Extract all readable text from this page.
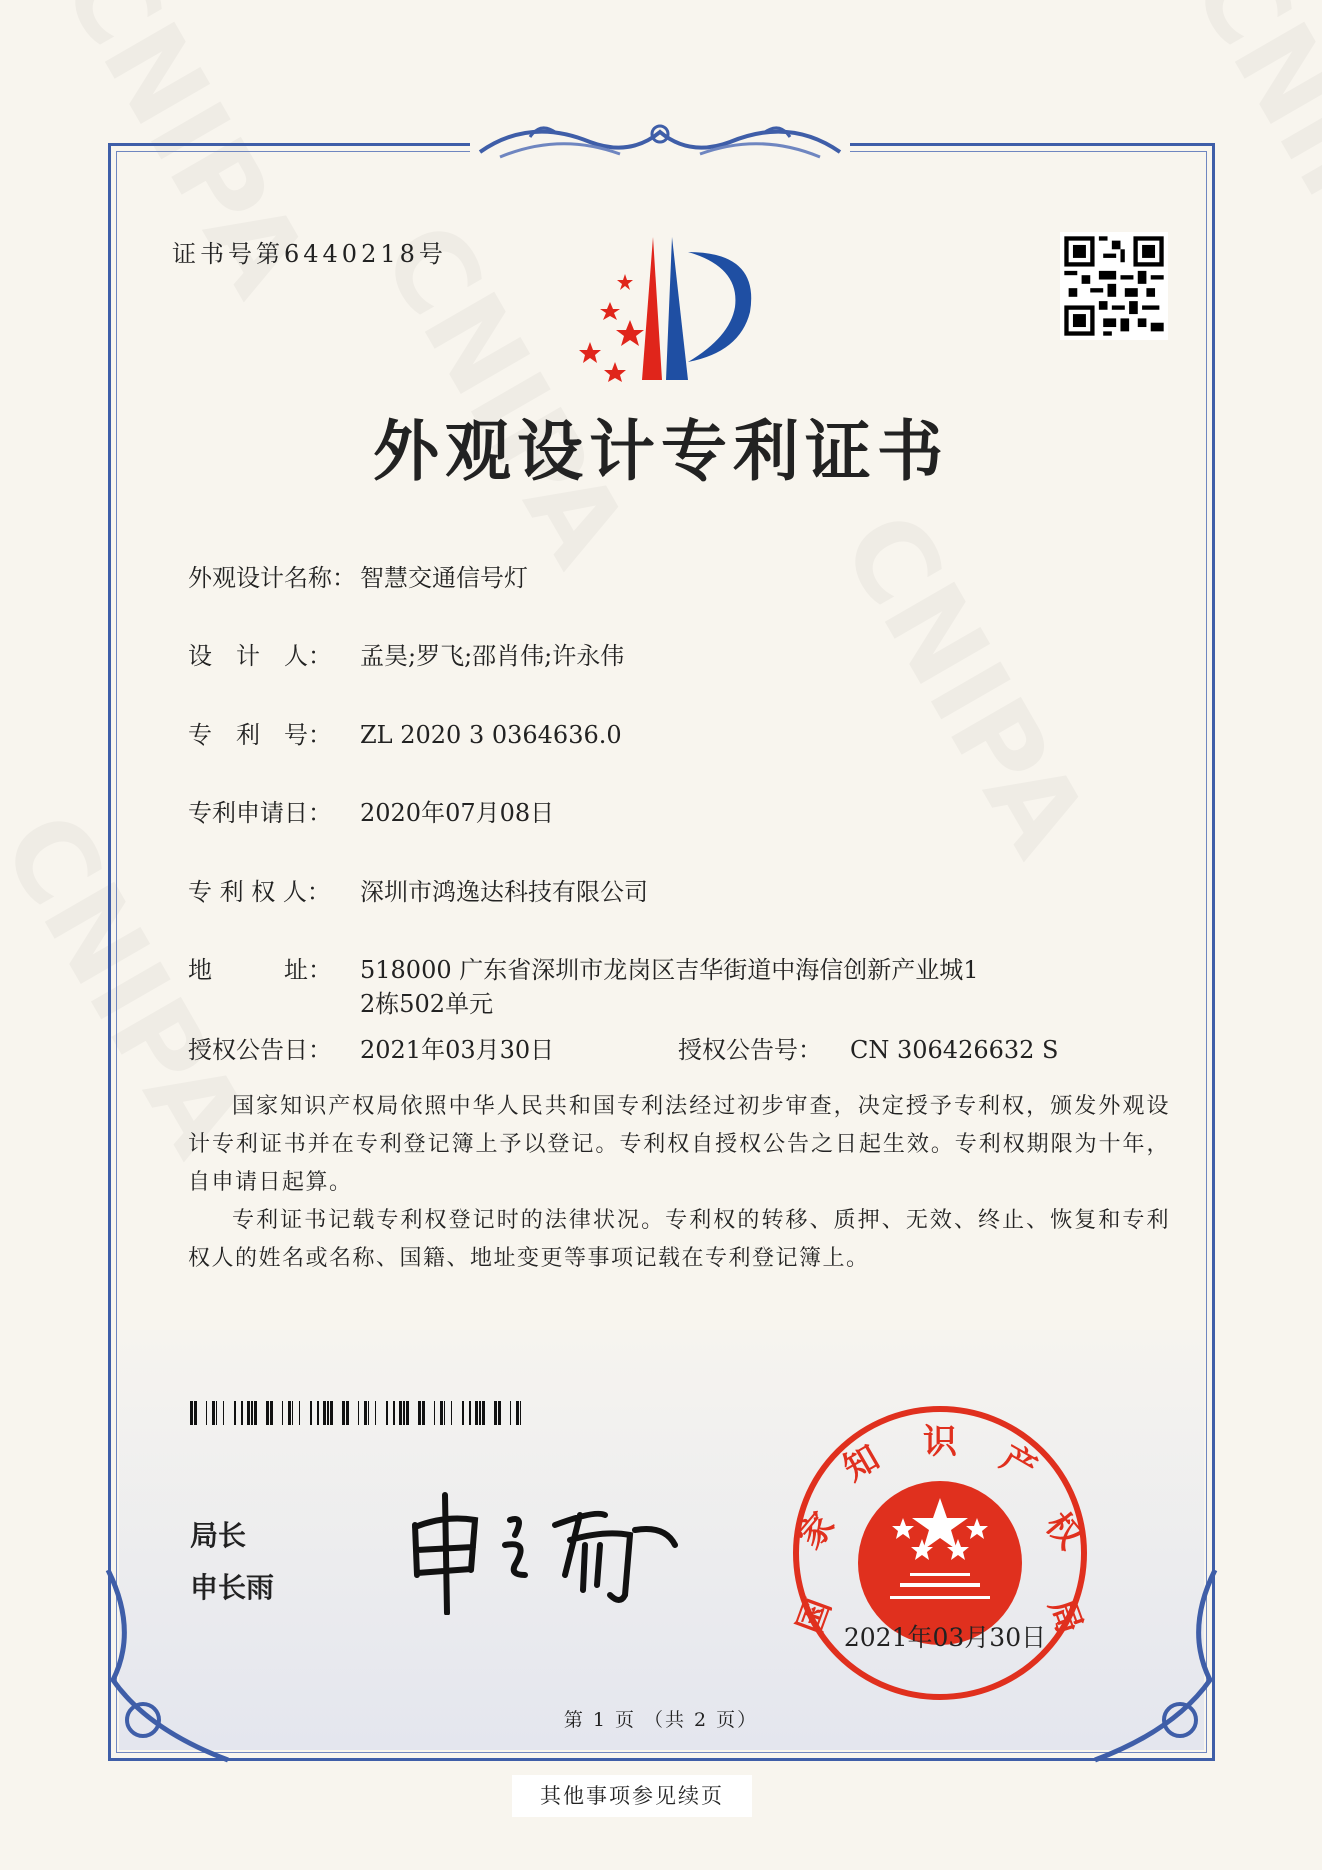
证书号第6440218号
外观设计专利证书
外观设计名称： 智慧交通信号灯
设　计　人： 孟昊;罗飞;邵肖伟;许永伟
专　利　号： ZL 2020 3 0364636.0
专利申请日： 2020年07月08日
专 利 权 人： 深圳市鸿逸达科技有限公司
地　　　址： 518000 广东省深圳市龙岗区吉华街道中海信创新产业城1
2栋502单元
授权公告日： 2021年03月30日	授权公告号： CN 306426632 S

国家知识产权局依照中华人民共和国专利法经过初步审查，决定授予专利权，颁发外观设计专利证书并在专利登记簿上予以登记。专利权自授权公告之日起生效。专利权期限为十年，自申请日起算。

专利证书记载专利权登记时的法律状况。专利权的转移、质押、无效、终止、恢复和专利权人的姓名或名称、国籍、地址变更等事项记载在专利登记簿上。

局长
申长雨
国
家
知 识 产
权
局
2021年03月30日
第 1 页 （共 2 页）
其他事项参见续页
